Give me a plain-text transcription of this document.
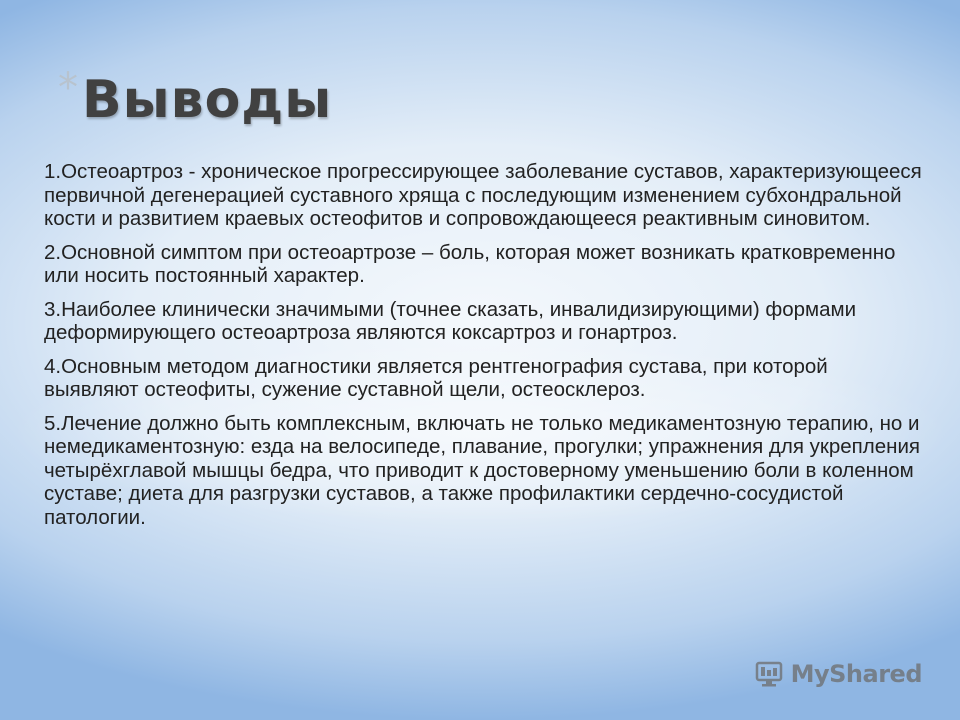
* Выводы

1.Остеоартроз - хроническое прогрессирующее заболевание суставов, характеризующееся первичной дегенерацией суставного хряща с последующим изменением субхондральной кости и развитием краевых остеофитов и сопровождающееся реактивным синовитом.

2.Основной симптом при остеоартрозе – боль, которая может возникать кратковременно или носить постоянный характер.

3.Наиболее клинически значимыми (точнее сказать, инвалидизирующими) формами деформирующего остеоартроза являются коксартроз и гонартроз.

4.Основным методом диагностики является рентгенография сустава, при которой выявляют остеофиты, сужение суставной щели, остеосклероз.

5.Лечение должно быть комплексным, включать не только медикаментозную терапию, но и немедикаментозную: езда на велосипеде, плавание, прогулки; упражнения для укрепления четырёхглавой мышцы бедра, что приводит к достоверному уменьшению боли в коленном суставе; диета для разгрузки суставов, а также профилактики сердечно-сосудистой патологии.

MyShared
